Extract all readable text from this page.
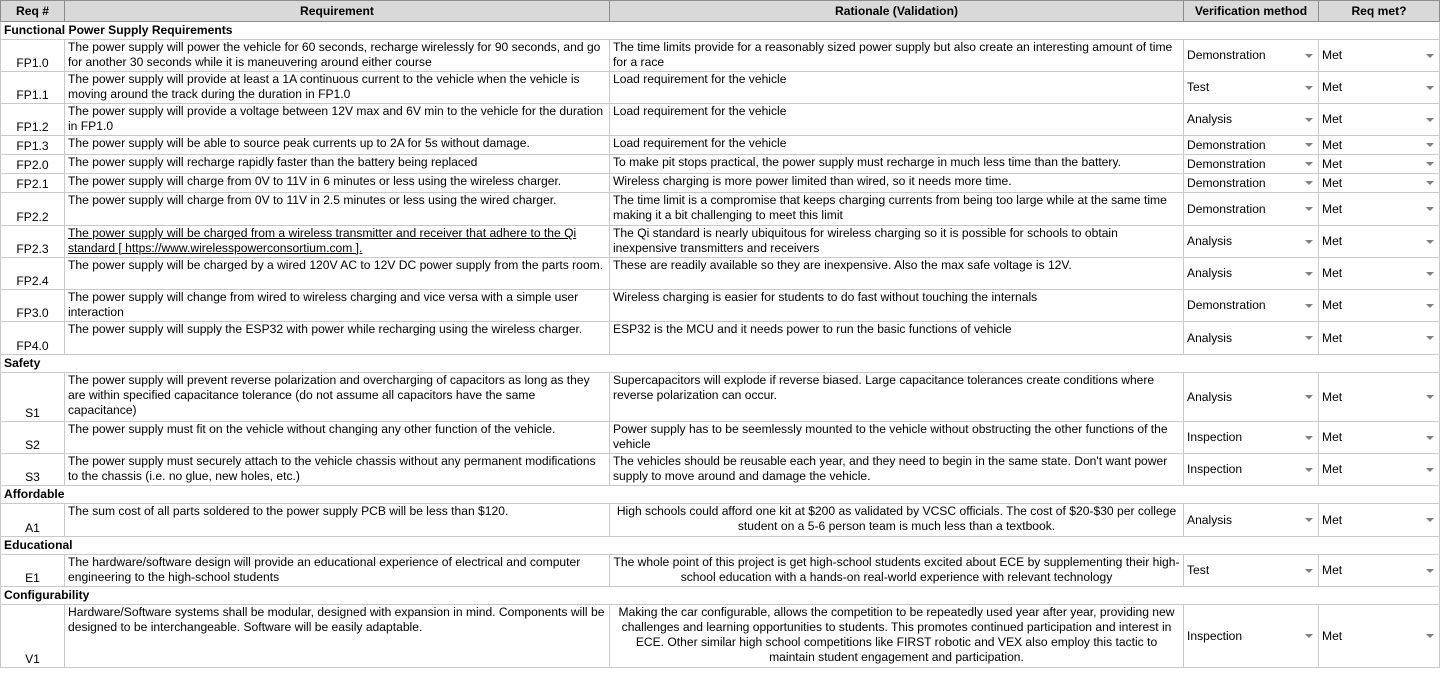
Req #	Requirement	Rationale (Validation)	Verification method	Req met?
Functional Power Supply Requirements				
FP1.0	The power supply will power the vehicle for 60 seconds, recharge wirelessly for 90 seconds, and go for another 30 seconds while it is maneuvering around either course	The time limits provide for a reasonably sized power supply but also create an interesting amount of time for a race	Demonstration	Met

FP1.1	The power supply will provide at least a 1A continuous current to the vehicle when the vehicle is moving around the track during the duration in FP1.0	Load requirement for the vehicle	Test	Met

FP1.2	The power supply will provide a voltage between 12V max and 6V min to the vehicle for the duration in FP1.0	Load requirement for the vehicle	Analysis	Met

FP1.3	The power supply will be able to source peak currents up to 2A for 5s without damage.	Load requirement for the vehicle	Demonstration	Met

FP2.0	The power supply will recharge rapidly faster than the battery being replaced	To make pit stops practical, the power supply must recharge in much less time than the battery.	Demonstration	Met

FP2.1	The power supply will charge from 0V to 11V in 6 minutes or less using the wireless charger.	Wireless charging is more power limited than wired, so it needs more time.	Demonstration	Met

FP2.2	The power supply will charge from 0V to 11V in 2.5 minutes or less using the wired charger.	The time limit is a compromise that keeps charging currents from being too large while at the same time making it a bit challenging to meet this limit	Demonstration	Met

FP2.3	The power supply will be charged from a wireless transmitter and receiver that adhere to the Qi standard [ https://www.wirelesspowerconsortium.com ].	The Qi standard is nearly ubiquitous for wireless charging so it is possible for schools to obtain inexpensive transmitters and receivers	Analysis	Met

FP2.4	The power supply will be charged by a wired 120V AC to 12V DC power supply from the parts room.	These are readily available so they are inexpensive. Also the max safe voltage is 12V.	Analysis	Met

FP3.0	The power supply will change from wired to wireless charging and vice versa with a simple user interaction	Wireless charging is easier for students to do fast without touching the internals	Demonstration	Met

FP4.0	The power supply will supply the ESP32 with power while recharging using the wireless charger.	ESP32 is the MCU and it needs power to run the basic functions of vehicle	Analysis	Met

Safety				
S1	The power supply will prevent reverse polarization and overcharging of capacitors as long as they are within specified capacitance tolerance (do not assume all capacitors have the same capacitance)	Supercapacitors will explode if reverse biased. Large capacitance tolerances create conditions where reverse polarization can occur.	Analysis	Met

S2	The power supply must fit on the vehicle without changing any other function of the vehicle.	Power supply has to be seemlessly mounted to the vehicle without obstructing the other functions of the vehicle	Inspection	Met

S3	The power supply must securely attach to the vehicle chassis without any permanent modifications to the chassis (i.e. no glue, new holes, etc.)	The vehicles should be reusable each year, and they need to begin in the same state. Don't want power supply to move around and damage the vehicle.	Inspection	Met

Affordable				
A1	The sum cost of all parts soldered to the power supply PCB will be less than $120.	High schools could afford one kit at $200 as validated by VCSC officials. The cost of $20-$30 per college student on a 5-6 person team is much less than a textbook.	Analysis	Met

Educational				
E1	The hardware/software design will provide an educational experience of electrical and computer engineering to the high-school students	The whole point of this project is get high-school students excited about ECE by supplementing their high-school education with a hands-on real-world experience with relevant technology	Test	Met

Configurability				
V1	Hardware/Software systems shall be modular, designed with expansion in mind. Components will be designed to be interchangeable. Software will be easily adaptable.	Making the car configurable, allows the competition to be repeatedly used year after year, providing new challenges and learning opportunities to students. This promotes continued participation and interest in ECE. Other similar high school competitions like FIRST robotic and VEX also employ this tactic to maintain student engagement and participation.	Inspection	Met
